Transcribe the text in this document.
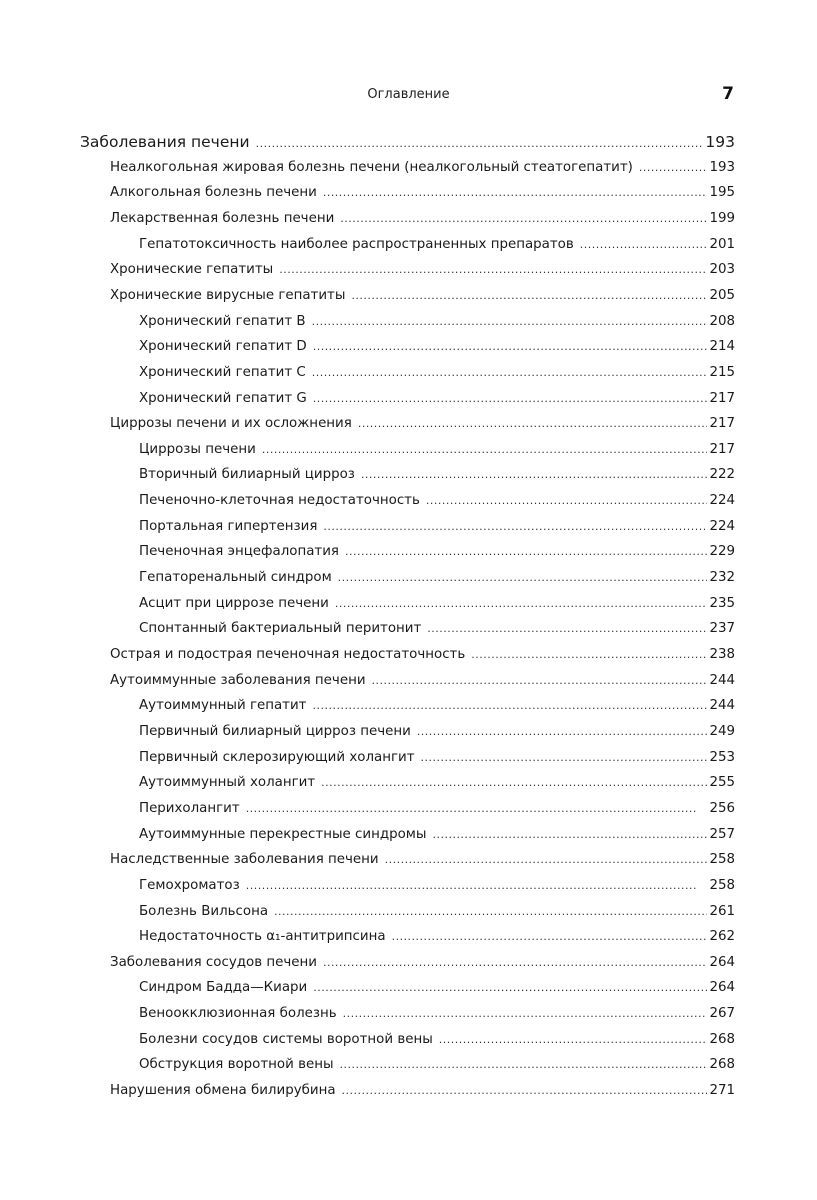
Оглавление	7
Заболевания печени . . .	193
Неалкогольная жировая болезнь печени (неалкогольный стеатогепатит) . . .	193
Алкогольная болезнь печени . . .	195
Лекарственная болезнь печени . . .	199
Гепатотоксичность наиболее распространенных препаратов . . .	201
Хронические гепатиты . . .	203
Хронические вирусные гепатиты . . .	205
Хронический гепатит B . . .	208
Хронический гепатит D . . .	214
Хронический гепатит C . . .	215
Хронический гепатит G . . .	217
Циррозы печени и их осложнения . . .	217
Циррозы печени . . .	217
Вторичный билиарный цирроз . . .	222
Печеночно-клеточная недостаточность . . .	224
Портальная гипертензия . . .	224
Печеночная энцефалопатия . . .	229
Гепаторенальный синдром . . .	232
Асцит при циррозе печени . . .	235
Спонтанный бактериальный перитонит . . .	237
Острая и подострая печеночная недостаточность . . .	238
Аутоиммунные заболевания печени . . .	244
Аутоиммунный гепатит . . .	244
Первичный билиарный цирроз печени . . .	249
Первичный склерозирующий холангит . . .	253
Аутоиммунный холангит . . .	255
Перихолангит . . .	256
Аутоиммунные перекрестные синдромы . . .	257
Наследственные заболевания печени . . .	258
Гемохроматоз . . .	258
Болезнь Вильсона . . .	261
Недостаточность α₁-антитрипсина . . .	262
Заболевания сосудов печени . . .	264
Синдром Бадда—Киари . . .	264
Веноокклюзионная болезнь . . .	267
Болезни сосудов системы воротной вены . . .	268
Обструкция воротной вены . . .	268
Нарушения обмена билирубина . . .	271
